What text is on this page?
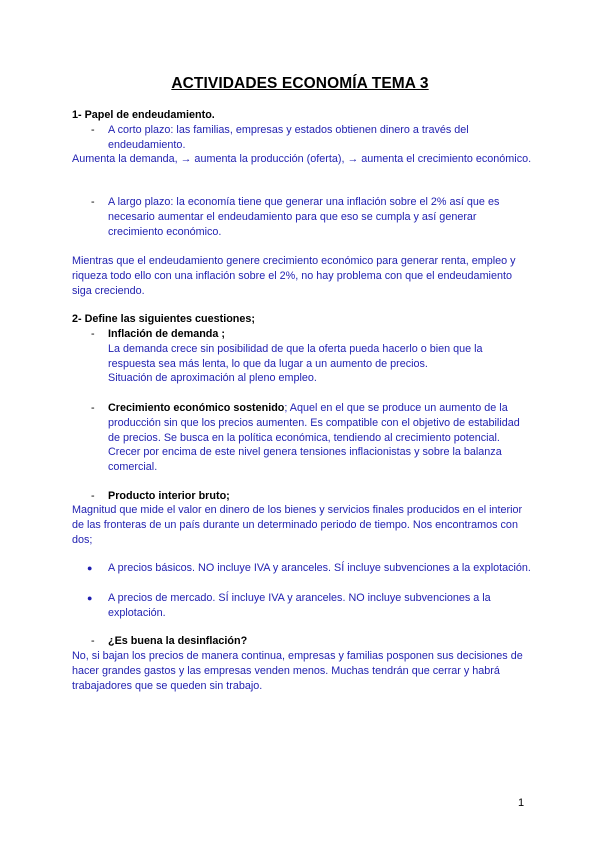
ACTIVIDADES ECONOMÍA TEMA 3
1- Papel de endeudamiento.
- A corto plazo: las familias, empresas y estados obtienen dinero a través del endeudamiento.
Aumenta la demanda, → aumenta la producción (oferta), → aumenta el crecimiento económico.
- A largo plazo: la economía tiene que generar una inflación sobre el 2% así que es necesario aumentar el endeudamiento para que eso se cumpla y así generar crecimiento económico.
Mientras que el endeudamiento genere crecimiento económico para generar renta, empleo y riqueza todo ello con una inflación sobre el 2%, no hay problema con que el endeudamiento siga creciendo.
2- Define las siguientes cuestiones;
- Inflación de demanda ;
La demanda crece sin posibilidad de que la oferta pueda hacerlo o bien que la respuesta sea más lenta, lo que da lugar a un aumento de precios.
Situación de aproximación al pleno empleo.
- Crecimiento económico sostenido; Aquel en el que se produce un aumento de la producción sin que los precios aumenten. Es compatible con el objetivo de estabilidad de precios. Se busca en la política económica, tendiendo al crecimiento potencial. Crecer por encima de este nivel genera tensiones inflacionistas y sobre la balanza comercial.
- Producto interior bruto;
Magnitud que mide el valor en dinero de los bienes y servicios finales producidos en el interior de las fronteras de un país durante un determinado periodo de tiempo. Nos encontramos con dos;
● A precios básicos. NO incluye IVA y aranceles. SÍ incluye subvenciones a la explotación.
● A precios de mercado. SÍ incluye IVA y aranceles. NO incluye subvenciones a la explotación.
- ¿Es buena la desinflación?
No, si bajan los precios de manera continua, empresas y familias posponen sus decisiones de hacer grandes gastos y las empresas venden menos. Muchas tendrán que cerrar y habrá trabajadores que se queden sin trabajo.
1
